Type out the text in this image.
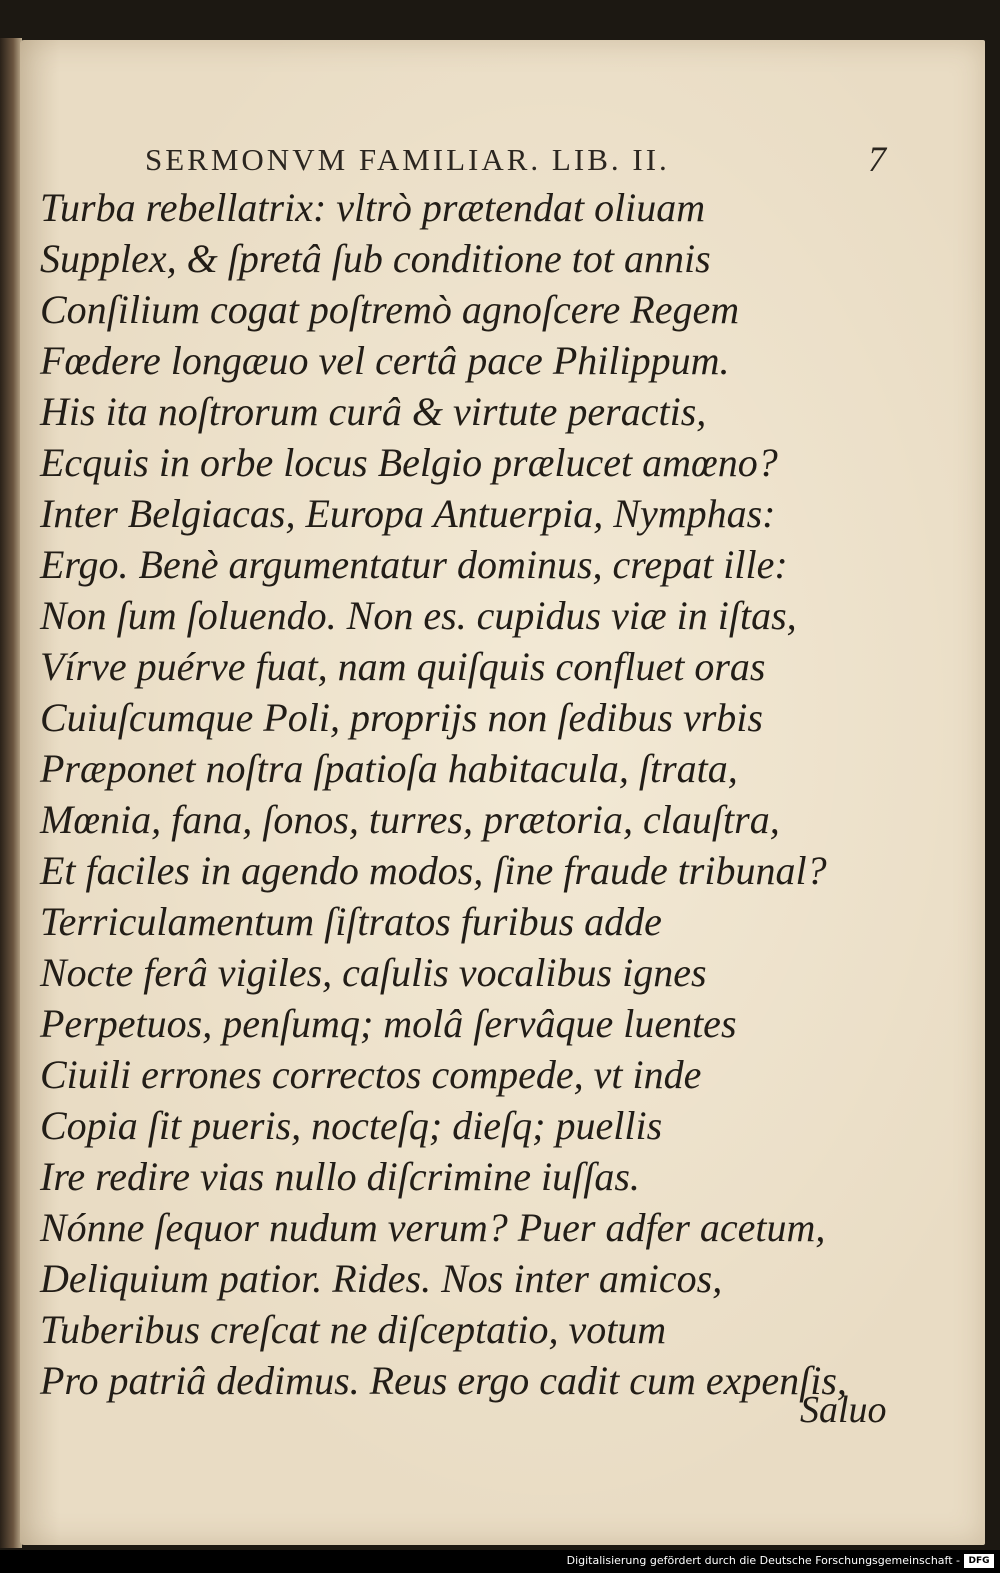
SERMONVM FAMILIAR. LIB. II.	7
Turba rebellatrix: vltrò prætendat oliuam
Supplex, & ſpretâ ſub conditione tot annis
Conſilium cogat poſtremò agnoſcere Regem
Fœdere longæuo vel certâ pace Philippum.
His ita noſtrorum curâ & virtute peractis,
Ecquis in orbe locus Belgio prælucet amœno?
Inter Belgiacas, Europa Antuerpia, Nymphas:
Ergo. Benè argumentatur dominus, crepat ille:
Non ſum ſoluendo. Non es. cupidus viæ in iſtas,
Vírve puérve fuat, nam quiſquis confluet oras
Cuiuſcumque Poli, proprijs non ſedibus vrbis
Præponet noſtra ſpatioſa habitacula, ſtrata,
Mœnia, fana, ſonos, turres, prætoria, clauſtra,
Et faciles in agendo modos, ſine fraude tribunal?
Terriculamentum ſiſtratos furibus adde
Nocte ferâ vigiles, caſulis vocalibus ignes
Perpetuos, penſumq; molâ ſervâque luentes
Ciuili errones correctos compede, vt inde
Copia ſit pueris, nocteſq; dieſq; puellis
Ire redire vias nullo diſcrimine iuſſas.
Nónne ſequor nudum verum? Puer adfer acetum,
Deliquium patior. Rides. Nos inter amicos,
Tuberibus creſcat ne diſceptatio, votum
Pro patriâ dedimus. Reus ergo cadit cum expenſis,
Saluo
Digitalisierung gefördert durch die Deutsche Forschungsgemeinschaft - DFG
